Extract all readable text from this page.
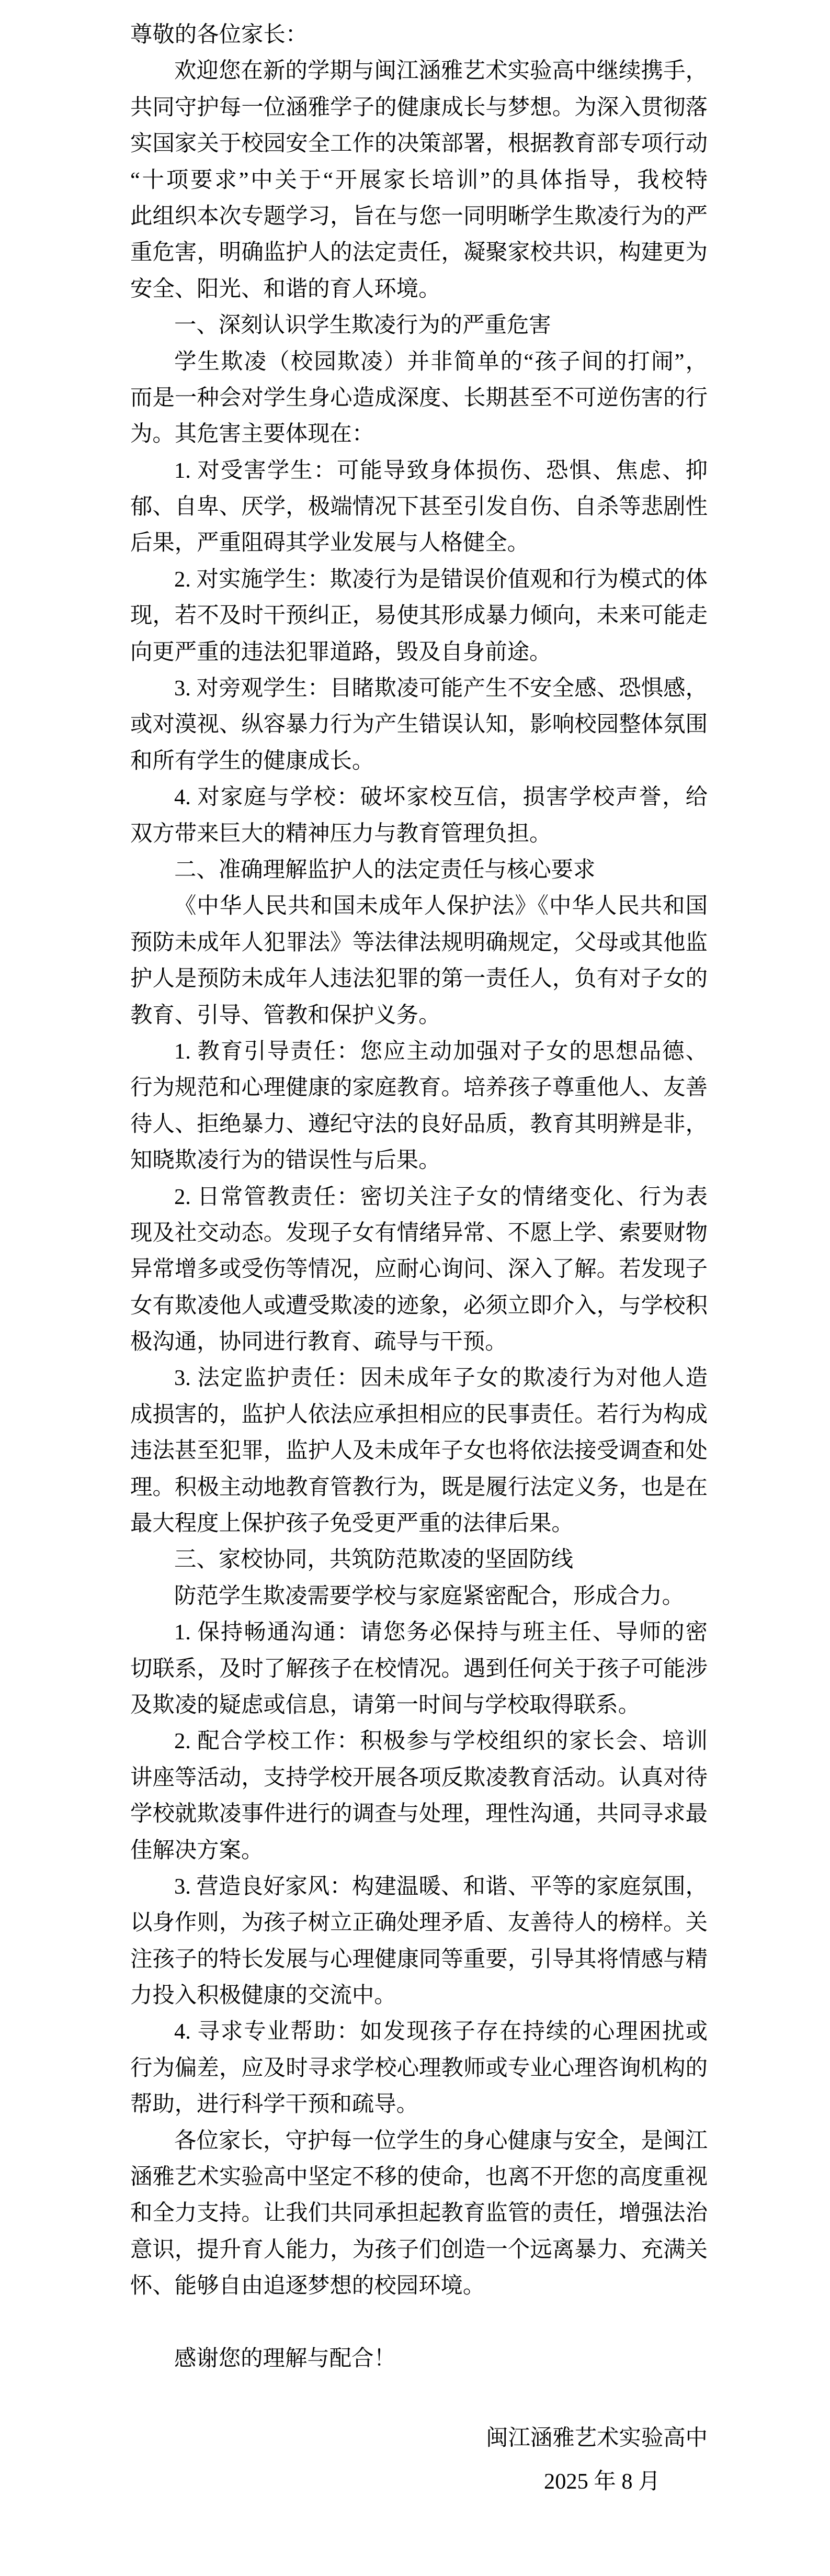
尊敬的各位家长：
欢迎您在新的学期与闽江涵雅艺术实验高中继续携手，
共同守护每一位涵雅学子的健康成长与梦想。为深入贯彻落
实国家关于校园安全工作的决策部署，根据教育部专项行动
“十项要求”中关于“开展家长培训”的具体指导，我校特
此组织本次专题学习，旨在与您一同明晰学生欺凌行为的严
重危害，明确监护人的法定责任，凝聚家校共识，构建更为
安全、阳光、和谐的育人环境。
一、深刻认识学生欺凌行为的严重危害
学生欺凌（校园欺凌）并非简单的“孩子间的打闹”，
而是一种会对学生身心造成深度、长期甚至不可逆伤害的行
为。其危害主要体现在：
1. 对受害学生：可能导致身体损伤、恐惧、焦虑、抑
郁、自卑、厌学，极端情况下甚至引发自伤、自杀等悲剧性
后果，严重阻碍其学业发展与人格健全。
2. 对实施学生：欺凌行为是错误价值观和行为模式的体
现，若不及时干预纠正，易使其形成暴力倾向，未来可能走
向更严重的违法犯罪道路，毁及自身前途。
3. 对旁观学生：目睹欺凌可能产生不安全感、恐惧感，
或对漠视、纵容暴力行为产生错误认知，影响校园整体氛围
和所有学生的健康成长。
4. 对家庭与学校：破坏家校互信，损害学校声誉，给
双方带来巨大的精神压力与教育管理负担。
二、准确理解监护人的法定责任与核心要求
《中华人民共和国未成年人保护法》《中华人民共和国
预防未成年人犯罪法》等法律法规明确规定，父母或其他监
护人是预防未成年人违法犯罪的第一责任人，负有对子女的
教育、引导、管教和保护义务。
1. 教育引导责任：您应主动加强对子女的思想品德、
行为规范和心理健康的家庭教育。培养孩子尊重他人、友善
待人、拒绝暴力、遵纪守法的良好品质，教育其明辨是非，
知晓欺凌行为的错误性与后果。
2. 日常管教责任：密切关注子女的情绪变化、行为表
现及社交动态。发现子女有情绪异常、不愿上学、索要财物
异常增多或受伤等情况，应耐心询问、深入了解。若发现子
女有欺凌他人或遭受欺凌的迹象，必须立即介入，与学校积
极沟通，协同进行教育、疏导与干预。
3. 法定监护责任：因未成年子女的欺凌行为对他人造
成损害的，监护人依法应承担相应的民事责任。若行为构成
违法甚至犯罪，监护人及未成年子女也将依法接受调查和处
理。积极主动地教育管教行为，既是履行法定义务，也是在
最大程度上保护孩子免受更严重的法律后果。
三、家校协同，共筑防范欺凌的坚固防线
防范学生欺凌需要学校与家庭紧密配合，形成合力。
1. 保持畅通沟通：请您务必保持与班主任、导师的密
切联系，及时了解孩子在校情况。遇到任何关于孩子可能涉
及欺凌的疑虑或信息，请第一时间与学校取得联系。
2. 配合学校工作：积极参与学校组织的家长会、培训
讲座等活动，支持学校开展各项反欺凌教育活动。认真对待
学校就欺凌事件进行的调查与处理，理性沟通，共同寻求最
佳解决方案。
3. 营造良好家风：构建温暖、和谐、平等的家庭氛围，
以身作则，为孩子树立正确处理矛盾、友善待人的榜样。关
注孩子的特长发展与心理健康同等重要，引导其将情感与精
力投入积极健康的交流中。
4. 寻求专业帮助：如发现孩子存在持续的心理困扰或
行为偏差，应及时寻求学校心理教师或专业心理咨询机构的
帮助，进行科学干预和疏导。
各位家长，守护每一位学生的身心健康与安全，是闽江
涵雅艺术实验高中坚定不移的使命，也离不开您的高度重视
和全力支持。让我们共同承担起教育监管的责任，增强法治
意识，提升育人能力，为孩子们创造一个远离暴力、充满关
怀、能够自由追逐梦想的校园环境。
感谢您的理解与配合！
闽江涵雅艺术实验高中
2025 年 8 月
